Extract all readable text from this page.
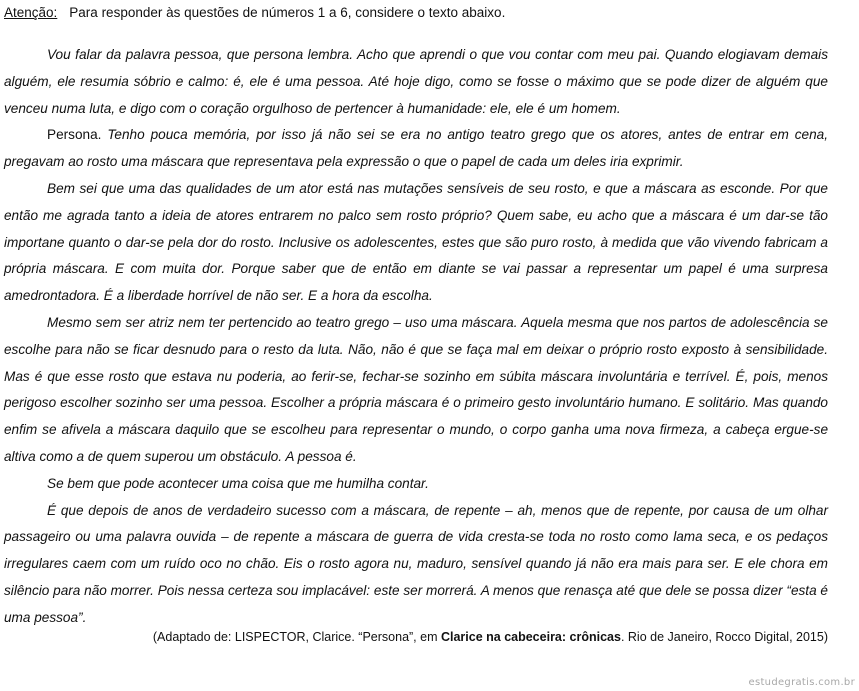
Atenção: Para responder às questões de números 1 a 6, considere o texto abaixo.

Vou falar da palavra pessoa, que persona lembra. Acho que aprendi o que vou contar com meu pai. Quando elogiavam demais alguém, ele resumia sóbrio e calmo: é, ele é uma pessoa. Até hoje digo, como se fosse o máximo que se pode dizer de alguém que venceu numa luta, e digo com o coração orgulhoso de pertencer à humanidade: ele, ele é um homem.

Persona. Tenho pouca memória, por isso já não sei se era no antigo teatro grego que os atores, antes de entrar em cena, pregavam ao rosto uma máscara que representava pela expressão o que o papel de cada um deles iria exprimir.

Bem sei que uma das qualidades de um ator está nas mutações sensíveis de seu rosto, e que a máscara as esconde. Por que então me agrada tanto a ideia de atores entrarem no palco sem rosto próprio? Quem sabe, eu acho que a máscara é um dar-se tão importane quanto o dar-se pela dor do rosto. Inclusive os adolescentes, estes que são puro rosto, à medida que vão vivendo fabricam a própria máscara. E com muita dor. Porque saber que de então em diante se vai passar a representar um papel é uma surpresa amedrontadora. É a liberdade horrível de não ser. E a hora da escolha.

Mesmo sem ser atriz nem ter pertencido ao teatro grego – uso uma máscara. Aquela mesma que nos partos de adolescência se escolhe para não se ficar desnudo para o resto da luta. Não, não é que se faça mal em deixar o próprio rosto exposto à sensibilidade. Mas é que esse rosto que estava nu poderia, ao ferir-se, fechar-se sozinho em súbita máscara involuntária e terrível. É, pois, menos perigoso escolher sozinho ser uma pessoa. Escolher a própria máscara é o primeiro gesto involuntário humano. E solitário. Mas quando enfim se afivela a máscara daquilo que se escolheu para representar o mundo, o corpo ganha uma nova firmeza, a cabeça ergue-se altiva como a de quem superou um obstáculo. A pessoa é.

Se bem que pode acontecer uma coisa que me humilha contar.

É que depois de anos de verdadeiro sucesso com a máscara, de repente – ah, menos que de repente, por causa de um olhar passageiro ou uma palavra ouvida – de repente a máscara de guerra de vida cresta-se toda no rosto como lama seca, e os pedaços irregulares caem com um ruído oco no chão. Eis o rosto agora nu, maduro, sensível quando já não era mais para ser. E ele chora em silêncio para não morrer. Pois nessa certeza sou implacável: este ser morrerá. A menos que renasça até que dele se possa dizer “esta é uma pessoa”.

(Adaptado de: LISPECTOR, Clarice. “Persona”, em Clarice na cabeceira: crônicas. Rio de Janeiro, Rocco Digital, 2015)
estudegratis.com.br
